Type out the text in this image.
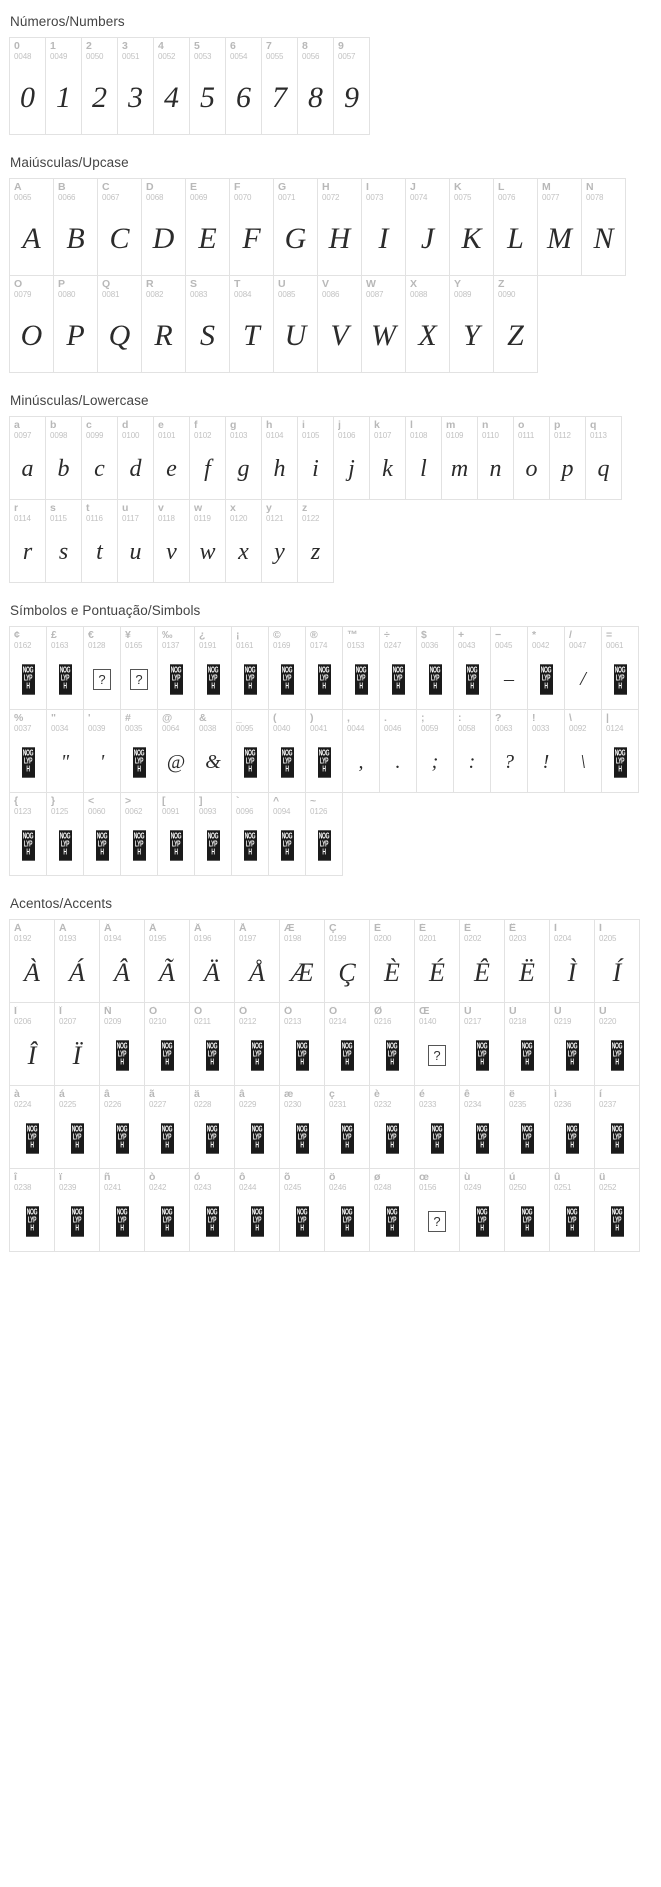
Números/Numbers
0
0048
0
1
0049
1
2
0050
2
3
0051
3
4
0052
4
5
0053
5
6
0054
6
7
0055
7
8
0056
8
9
0057
9
Maiúsculas/Upcase
A
0065
A
B
0066
B
C
0067
C
D
0068
D
E
0069
E
F
0070
F
G
0071
G
H
0072
H
I
0073
I
J
0074
J
K
0075
K
L
0076
L
M
0077
M
N
0078
N
O
0079
O
P
0080
P
Q
0081
Q
R
0082
R
S
0083
S
T
0084
T
U
0085
U
V
0086
V
W
0087
W
X
0088
X
Y
0089
Y
Z
0090
Z
Minúsculas/Lowercase
a
0097
a
b
0098
b
c
0099
c
d
0100
d
e
0101
e
f
0102
f
g
0103
g
h
0104
h
i
0105
i
j
0106
j
k
0107
k
l
0108
l
m
0109
m
n
0110
n
o
0111
o
p
0112
p
q
0113
q
r
0114
r
s
0115
s
t
0116
t
u
0117
u
v
0118
v
w
0119
w
x
0120
x
y
0121
y
z
0122
z
Símbolos e Pontuação/Simbols
¢
0162
NOGLYPH
£
0163
NOGLYPH
€
0128
?
¥
0165
?
‰
0137
NOGLYPH
¿
0191
NOGLYPH
¡
0161
NOGLYPH
©
0169
NOGLYPH
®
0174
NOGLYPH
™
0153
NOGLYPH
÷
0247
NOGLYPH
$
0036
NOGLYPH
+
0043
NOGLYPH
−
0045
–
*
0042
NOGLYPH
/
0047
/
=
0061
NOGLYPH
%
0037
NOGLYPH
"
0034
"
'
0039
'
#
0035
NOGLYPH
@
0064
@
&
0038
&
_
0095
NOGLYPH
(
0040
NOGLYPH
)
0041
NOGLYPH
,
0044
,
.
0046
.
;
0059
;
:
0058
:
?
0063
?
!
0033
!
\
0092
\
|
0124
NOGLYPH
{
0123
NOGLYPH
}
0125
NOGLYPH
<
0060
NOGLYPH
>
0062
NOGLYPH
[
0091
NOGLYPH
]
0093
NOGLYPH
`
0096
NOGLYPH
^
0094
NOGLYPH
~
0126
NOGLYPH
Acentos/Accents
À
0192
À
Á
0193
Á
Â
0194
Â
Ã
0195
Ã
Ä
0196
Ä
Å
0197
Å
Æ
0198
Æ
Ç
0199
Ç
È
0200
È
É
0201
É
Ê
0202
Ê
Ë
0203
Ë
Ì
0204
Ì
Í
0205
Í
Î
0206
Î
Ï
0207
Ï
Ñ
0209
NOGLYPH
Ò
0210
NOGLYPH
Ó
0211
NOGLYPH
Ô
0212
NOGLYPH
Õ
0213
NOGLYPH
Ö
0214
NOGLYPH
Ø
0216
NOGLYPH
Œ
0140
?
Ù
0217
NOGLYPH
Ú
0218
NOGLYPH
Û
0219
NOGLYPH
Ü
0220
NOGLYPH
à
0224
NOGLYPH
á
0225
NOGLYPH
â
0226
NOGLYPH
ã
0227
NOGLYPH
ä
0228
NOGLYPH
â
0229
NOGLYPH
æ
0230
NOGLYPH
ç
0231
NOGLYPH
è
0232
NOGLYPH
é
0233
NOGLYPH
ê
0234
NOGLYPH
ë
0235
NOGLYPH
ì
0236
NOGLYPH
í
0237
NOGLYPH
î
0238
NOGLYPH
ï
0239
NOGLYPH
ñ
0241
NOGLYPH
ò
0242
NOGLYPH
ó
0243
NOGLYPH
ô
0244
NOGLYPH
õ
0245
NOGLYPH
ö
0246
NOGLYPH
ø
0248
NOGLYPH
œ
0156
?
ù
0249
NOGLYPH
ú
0250
NOGLYPH
û
0251
NOGLYPH
ü
0252
NOGLYPH
